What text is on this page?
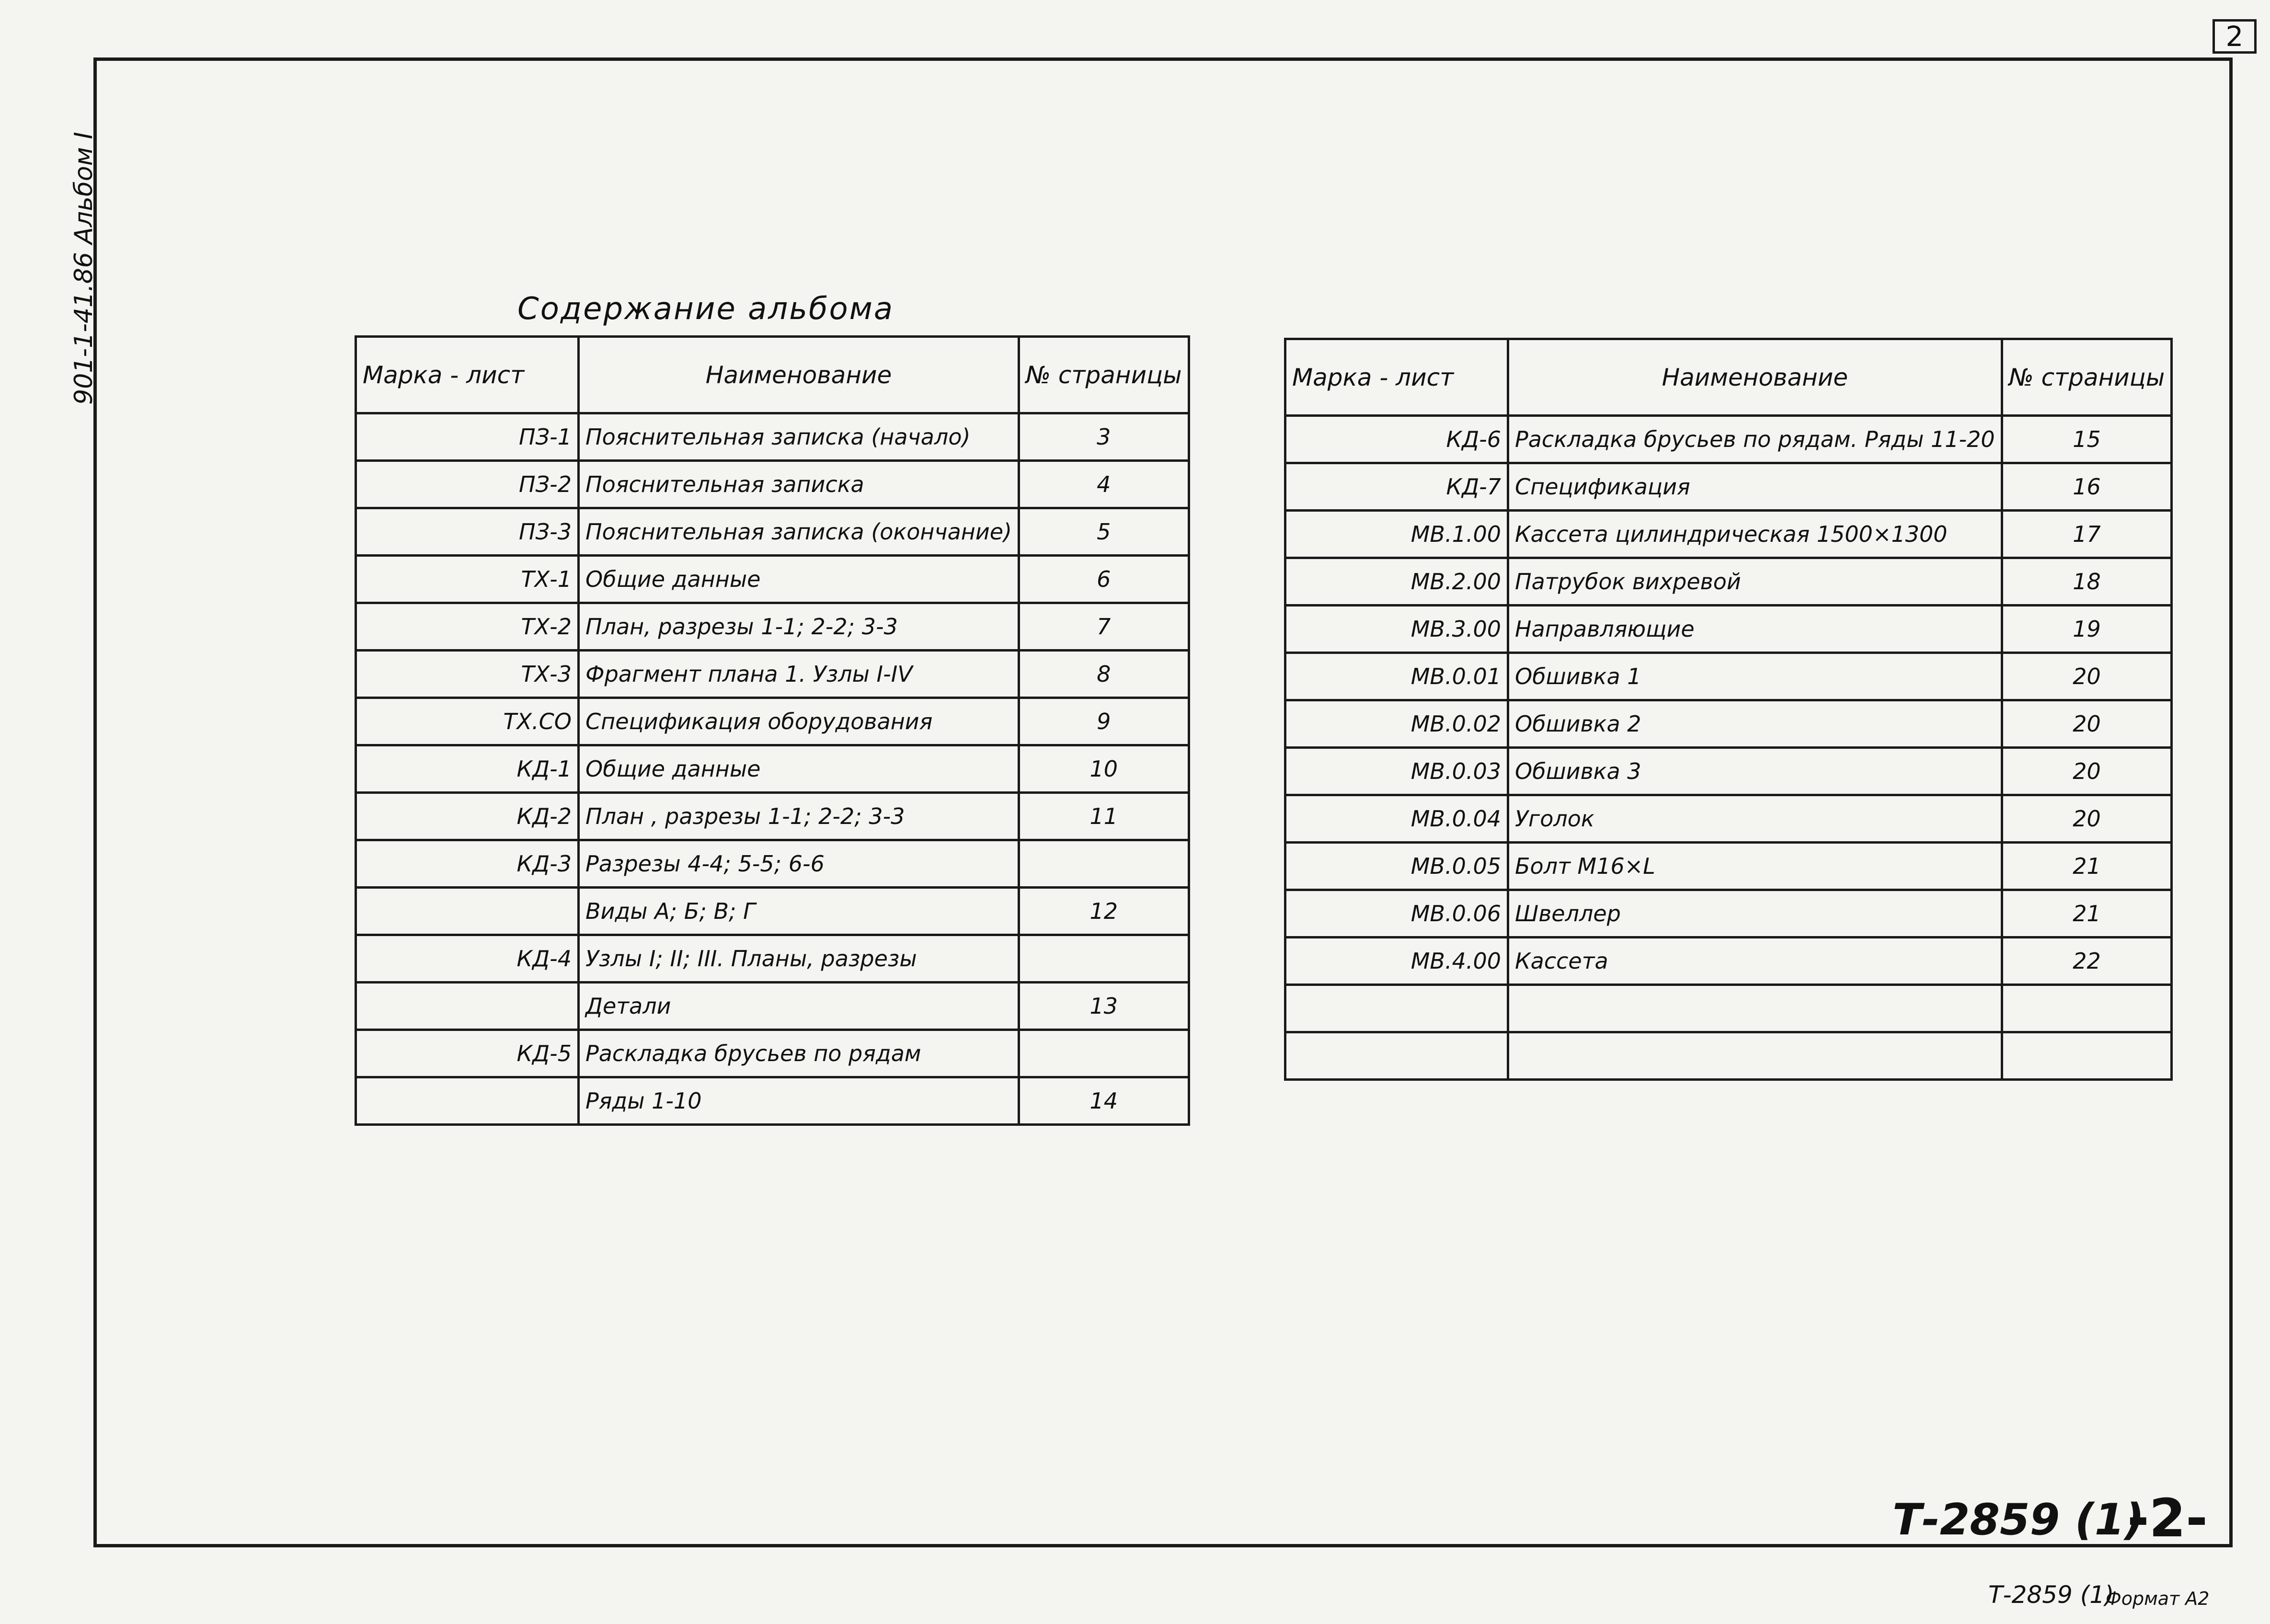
2
901-1-41.86 Альбом I	Содержание альбома
Марка - лист	Наименование	№ страницы
ПЗ-1	Пояснительная записка (начало)	3
ПЗ-2	Пояснительная записка	4
ПЗ-3	Пояснительная записка (окончание)	5
ТХ-1	Общие данные	6
ТХ-2	План, разрезы 1-1; 2-2; 3-3	7
ТХ-3	Фрагмент плана 1. Узлы I-IV	8
ТХ.СО	Спецификация оборудования	9
КД-1	Общие данные	10
КД-2	План , разрезы 1-1; 2-2; 3-3	11
КД-3	Разрезы 4-4; 5-5; 6-6	
	Виды А; Б; В; Г	12
КД-4	Узлы I; II; III. Планы, разрезы	
	Детали	13
КД-5	Раскладка брусьев по рядам	
	Ряды 1-10	14
Марка - лист	Наименование	№ страницы
КД-6	Раскладка брусьев по рядам. Ряды 11-20	15
КД-7	Спецификация	16
МВ.1.00	Кассета цилиндрическая 1500×1300	17
МВ.2.00	Патрубок вихревой	18
МВ.3.00	Направляющие	19
МВ.0.01	Обшивка 1	20
МВ.0.02	Обшивка 2	20
МВ.0.03	Обшивка 3	20
МВ.0.04	Уголок	20
МВ.0.05	Болт М16×L	21
МВ.0.06	Швеллер	21
МВ.4.00	Кассета	22

Т-2859 (1)
-2-
Т-2859 (1)
Формат А2
